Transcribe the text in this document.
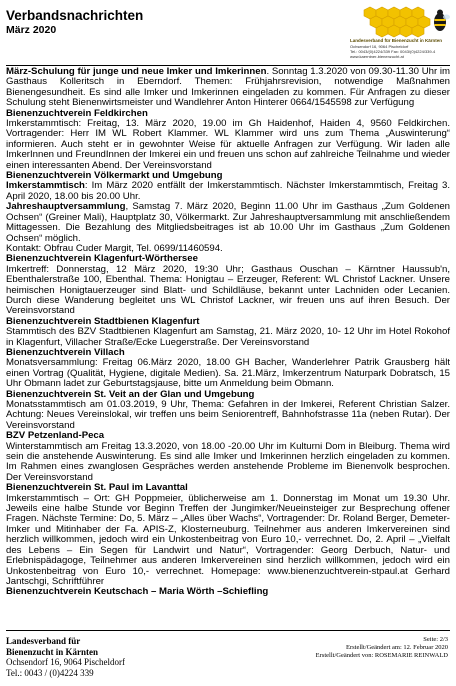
Verbandsnachrichten
März 2020
Landesverband für Bienenzucht in Kärnten
Ochsendorf 16, 9064 Pischeldorf
Tel.: 0043/(0)4224/339 Fax: 0043/(0)4224/339-4
www.kaerntner-bienenzucht.at

März-Schulung für junge und neue Imker und Imkerinnen. Sonntag 1.3.2020 von 09.30-11.30 Uhr im Gasthaus Kolleritsch in Eberndorf. Themen: Frühjahrsrevision, notwendige Maßnahmen Bienengesundheit. Es sind alle Imker und Imkerinnen eingeladen zu kommen. Für Anfragen zu dieser Schulung steht Bienenwirtsmeister und Wandlehrer Anton Hinterer 0664/1545598 zur Verfügung

Bienenzuchtverein Feldkirchen

Imkerstammtisch: Freitag, 13. März 2020, 19.00 im Gh Haidenhof, Haiden 4, 9560 Feldkirchen. Vortragender: Herr IM WL Robert Klammer. WL Klammer wird uns zum Thema „Auswinterung“ informieren. Auch steht er in gewohnter Weise für aktuelle Anfragen zur Verfügung. Wir laden alle ImkerInnen und FreundInnen der Imkerei ein und freuen uns schon auf zahlreiche Teilnahme und wieder einen interessanten Abend. Der Vereinsvorstand

Bienenzuchtverein Völkermarkt und Umgebung

Imkerstammtisch: Im März 2020 entfällt der Imkerstammtisch. Nächster Imkerstammtisch, Freitag 3. April 2020, 18.00 bis 20.00 Uhr.

Jahreshauptversammlung, Samstag 7. März 2020, Beginn 11.00 Uhr im Gasthaus „Zum Goldenen Ochsen“ (Greiner Mali), Hauptplatz 30, Völkermarkt. Zur Jahreshauptversammlung mit anschließendem Mittagessen. Die Bezahlung des Mitgliedsbeitrages ist ab 10.00 Uhr im Gasthaus „Zum Goldenen Ochsen“ möglich.

Kontakt: Obfrau Cuder Margit, Tel. 0699/11460594.

Bienenzuchtverein Klagenfurt-Wörthersee

Imkertreff: Donnerstag, 12 März 2020, 19:30 Uhr; Gasthaus Ouschan – Kärntner Haussub'n, Ebenthalerstraße 100, Ebenthal. Thema: Honigtau – Erzeuger, Referent: WL Christof Lackner. Unsere heimischen Honigtauerzeuger sind Blatt- und Schildläuse, bekannt unter Lachniden oder Lecanien. Durch diese Wanderung begleitet uns WL Christof Lackner, wir freuen uns auf ihren Besuch. Der Vereinsvorstand

Bienenzuchtverein Stadtbienen Klagenfurt

Stammtisch des BZV Stadtbienen Klagenfurt am Samstag, 21. März 2020, 10- 12 Uhr im Hotel Rokohof in Klagenfurt, Villacher Straße/Ecke Luegerstraße. Der Vereinsvorstand

Bienenzuchtverein Villach

Monatsversammlung: Freitag 06.März 2020, 18.00 GH Bacher, Wanderlehrer Patrik Grausberg hält einen Vortrag (Qualität, Hygiene, digitale Medien). Sa. 21.März, Imkerzentrum Naturpark Dobratsch, 15 Uhr Obmann ladet zur Geburtstagsjause, bitte um Anmeldung beim Obmann.

Bienenzuchtverein St. Veit an der Glan und Umgebung

Monatsstammtisch am 01.03.2019, 9 Uhr, Thema: Gefahren in der Imkerei, Referent Christian Salzer. Achtung: Neues Vereinslokal, wir treffen uns beim Seniorentreff, Bahnhofstrasse 11a (neben Rutar). Der Vereinsvorstand

BZV Petzenland-Peca

Winterstammtisch am Freitag 13.3.2020, von 18.00 -20.00 Uhr im Kulturni Dom in Bleiburg. Thema wird sein die anstehende Auswinterung. Es sind alle Imker und Imkerinnen herzlich eingeladen zu kommen. Im Rahmen eines zwanglosen Gespräches werden anstehende Probleme im Bienenvolk besprochen. Der Vereinsvorstand

Bienenzuchtverein St. Paul im Lavanttal

Imkerstammtisch – Ort: GH Poppmeier, üblicherweise am 1. Donnerstag im Monat um 19.30 Uhr. Jeweils eine halbe Stunde vor Beginn Treffen der Jungimker/Neueinsteiger zur Besprechung offener Fragen. Nächste Termine: Do, 5. März – „Alles über Wachs“, Vortragender: Dr. Roland Berger, Demeter-Imker und Mitinhaber der Fa. APIS-Z, Klosterneuburg. Teilnehmer aus anderen Imkervereinen sind herzlich willkommen, jedoch wird ein Unkostenbeitrag von Euro 10,- verrechnet. Do, 2. April – „Vielfalt des Lebens – Ein Segen für Landwirt und Natur“, Vortragender: Georg Derbuch, Natur- und Erlebnispädagoge, Teilnehmer aus anderen Imkervereinen sind herzlich willkommen, jedoch wird ein Unkostenbeitrag von Euro 10,- verrechnet. Homepage: www.bienenzuchtverein-stpaul.at Gerhard Jantschgi, Schriftführer

Bienenzuchtverein Keutschach – Maria Wörth –Schiefling

Landesverband für
Bienenzucht in Kärnten
Ochsendorf 16, 9064 Pischeldorf
Tel.: 0043 / (0)4224 339
Seite: 2/3
Erstellt/Geändert am: 12. Februar 2020
Erstellt/Geändert von: ROSEMARIE REINWALD
